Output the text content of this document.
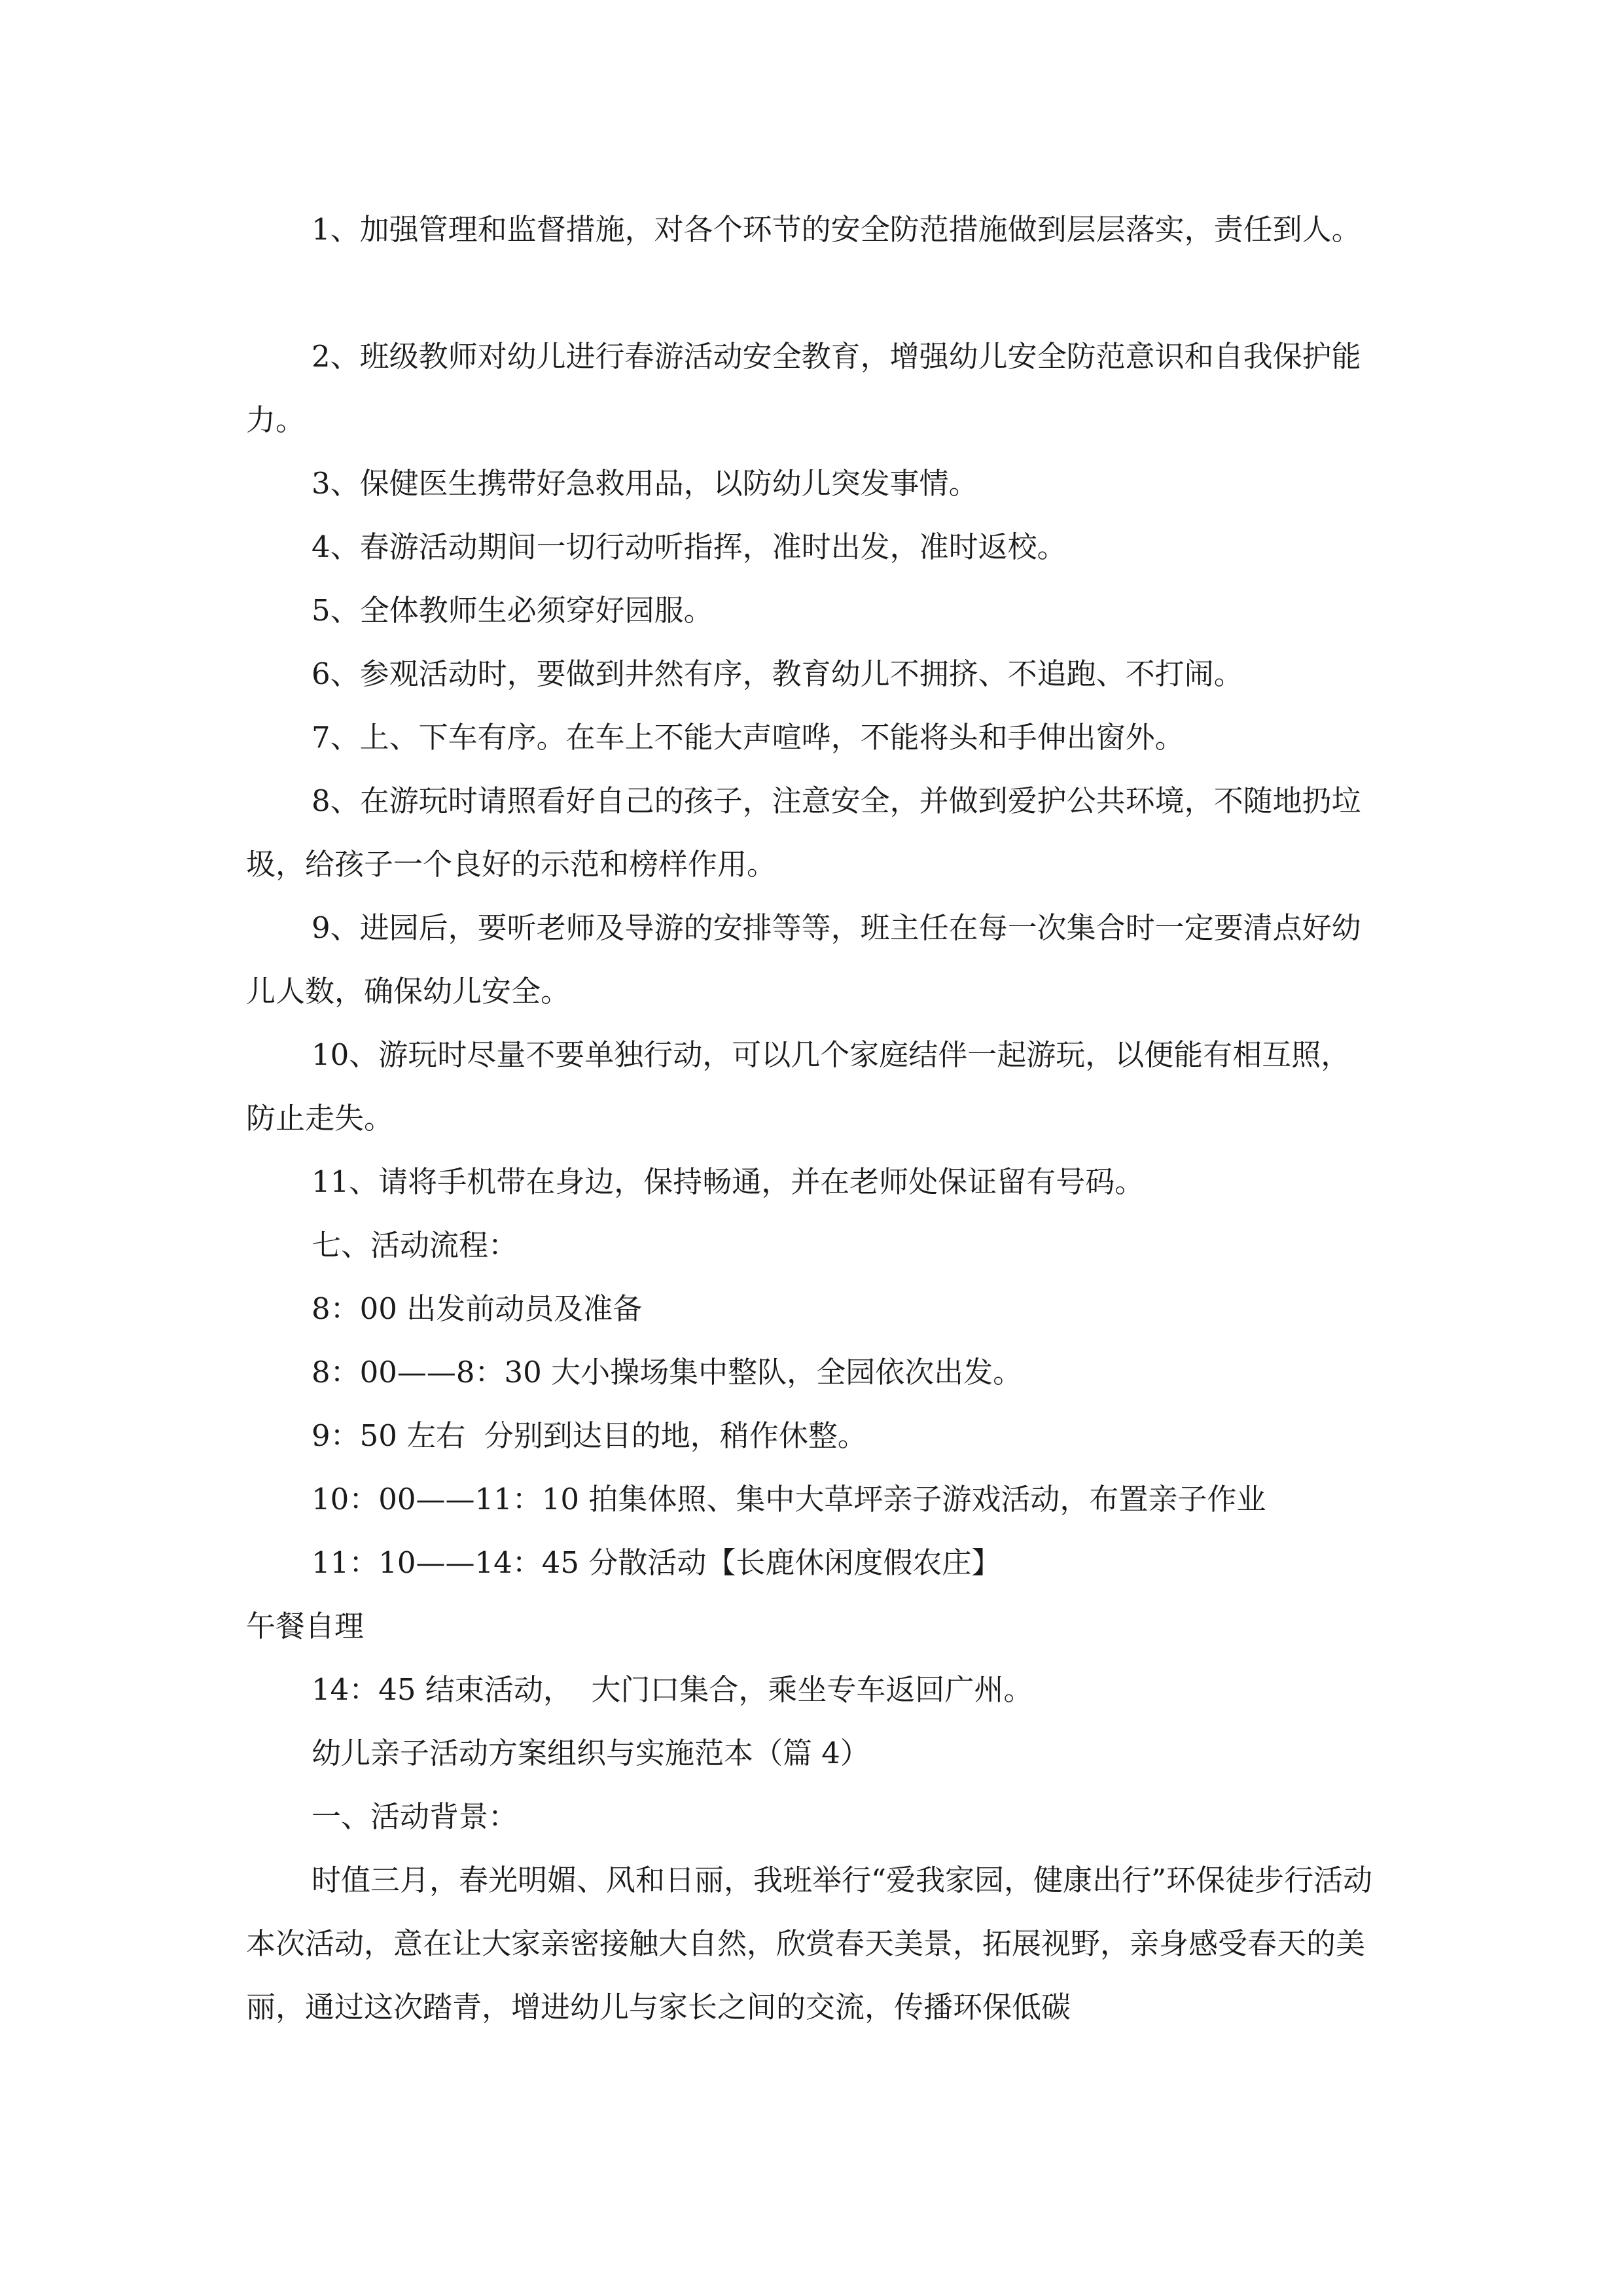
1、加强管理和监督措施，对各个环节的安全防范措施做到层层落实，责任到人。

2、班级教师对幼儿进行春游活动安全教育，增强幼儿安全防范意识和自我保护能力。

3、保健医生携带好急救用品，以防幼儿突发事情。

4、春游活动期间一切行动听指挥，准时出发，准时返校。

5、全体教师生必须穿好园服。

6、参观活动时，要做到井然有序，教育幼儿不拥挤、不追跑、不打闹。

7、上、下车有序。在车上不能大声喧哗，不能将头和手伸出窗外。

8、在游玩时请照看好自己的孩子，注意安全，并做到爱护公共环境，不随地扔垃圾，给孩子一个良好的示范和榜样作用。

9、进园后，要听老师及导游的安排等等，班主任在每一次集合时一定要清点好幼儿人数，确保幼儿安全。

10、游玩时尽量不要单独行动，可以几个家庭结伴一起游玩，以便能有相互照，防止走失。

11、请将手机带在身边，保持畅通，并在老师处保证留有号码。

七、活动流程：

8：00 出发前动员及准备

8：00——8：30 大小操场集中整队，全园依次出发。

9：50 左右  分别到达目的地，稍作休整。

10：00——11：10 拍集体照、集中大草坪亲子游戏活动，布置亲子作业

11：10——14：45 分散活动【长鹿休闲度假农庄】

午餐自理

14：45 结束活动，  大门口集合，乘坐专车返回广州。

幼儿亲子活动方案组织与实施范本（篇 4）

一、活动背景：

时值三月，春光明媚、风和日丽，我班举行“爱我家园，健康出行”环保徒步行活动本次活动，意在让大家亲密接触大自然，欣赏春天美景，拓展视野，亲身感受春天的美丽，通过这次踏青，增进幼儿与家长之间的交流，传播环保低碳
